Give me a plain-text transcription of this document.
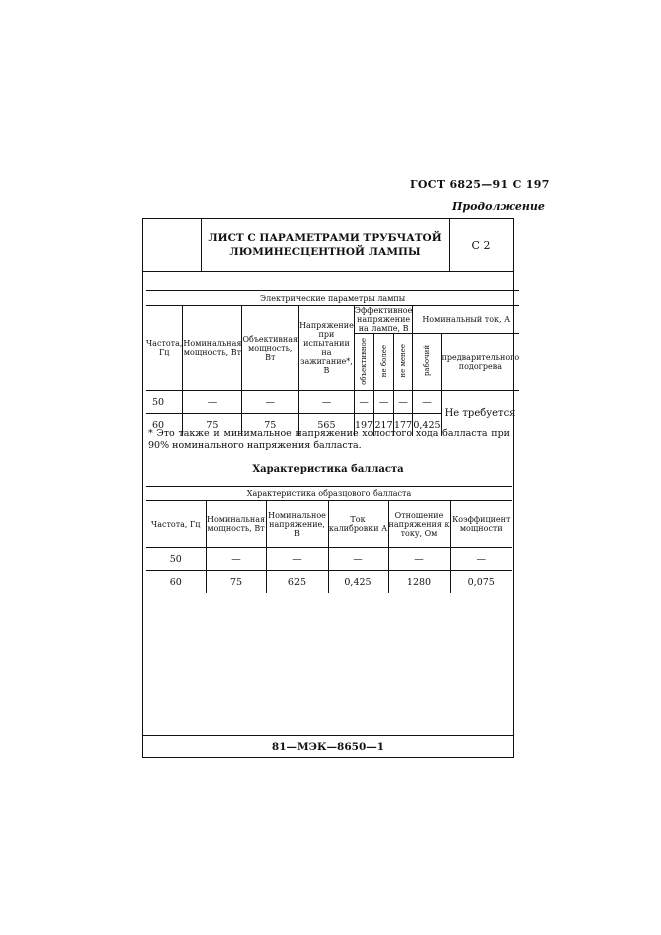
ГОСТ 6825—91 С 197
Продолжение
ЛИСТ С ПАРАМЕТРАМИ ТРУБЧАТОЙ
ЛЮМИНЕСЦЕНТНОЙ ЛАМПЫ
С 2
81—МЭК—8650—1
Электрические параметры лампы								
Частота, Гц	Номинальная мощность, Вт	Объективная мощность, Вт	Напряжение при испытании на зажигание*, В	Эффективное напряжение на лампе, В			Номинальный ток, А	
				объективное	не более	не менее	рабочий	предварительного подогрева
50	—	—	—	—	—	—	—	Не требуется
60	75	75	565	197	217	177	0,425	
* Это также и минимальное напряжение холостого хода балласта при 90% номинального напряжения балласта.
Характеристика балласта
Характеристика образцового балласта					
Частота, Гц	Номинальная мощность, Вт	Номинальное напряжение, В	Ток калибровки А	Отношение напряжения к току, Ом	Коэффициент мощности
50	—	—	—	—	—
60	75	625	0,425	1280	0,075
